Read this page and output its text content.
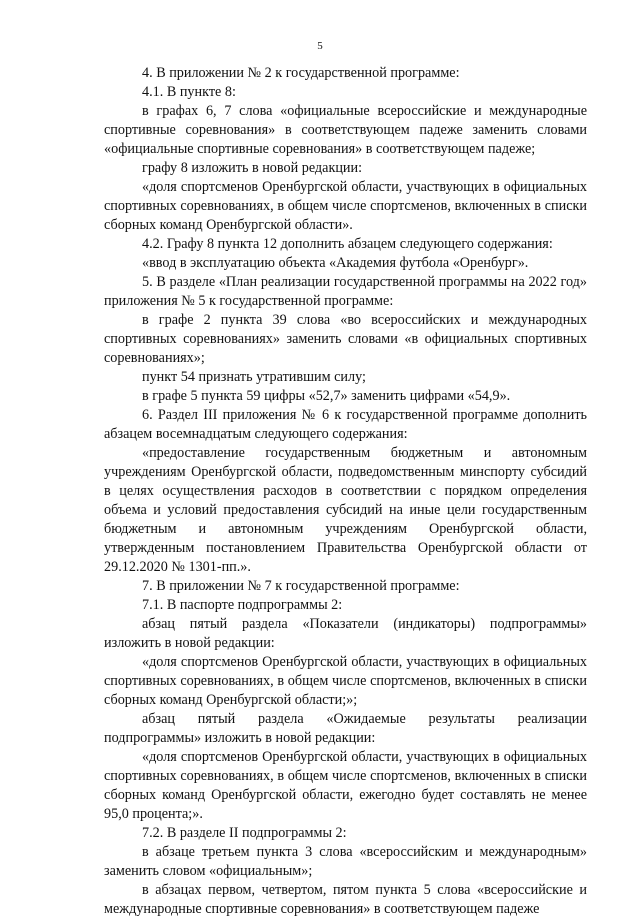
5

4. В приложении № 2 к государственной программе:

4.1. В пункте 8:

в графах 6, 7 слова «официальные всероссийские и международные спортивные соревнования» в соответствующем падеже заменить словами «официальные спортивные соревнования» в соответствующем падеже;

графу 8 изложить в новой редакции:

«доля спортсменов Оренбургской области, участвующих в официальных спортивных соревнованиях, в общем числе спортсменов, включенных в списки сборных команд Оренбургской области».

4.2. Графу 8 пункта 12 дополнить абзацем следующего содержания:

«ввод в эксплуатацию объекта «Академия футбола «Оренбург».

5. В разделе «План реализации государственной программы на 2022 год» приложения № 5 к государственной программе:

в графе 2 пункта 39 слова «во всероссийских и международных спортивных соревнованиях» заменить словами «в официальных спортивных соревнованиях»;

пункт 54 признать утратившим силу;

в графе 5 пункта 59 цифры «52,7» заменить цифрами «54,9».

6. Раздел III приложения № 6 к государственной программе дополнить абзацем восемнадцатым следующего содержания:

«предоставление государственным бюджетным и автономным учреждениям Оренбургской области, подведомственным минспорту субсидий в целях осуществления расходов в соответствии с порядком определения объема и условий предоставления субсидий на иные цели государственным бюджетным и автономным учреждениям Оренбургской области, утвержденным постановлением Правительства Оренбургской области от 29.12.2020 № 1301-пп.».

7. В приложении № 7 к государственной программе:

7.1. В паспорте подпрограммы 2:

абзац пятый раздела «Показатели (индикаторы) подпрограммы» изложить в новой редакции:

«доля спортсменов Оренбургской области, участвующих в официальных спортивных соревнованиях, в общем числе спортсменов, включенных в списки сборных команд Оренбургской области;»;

абзац пятый раздела «Ожидаемые результаты реализации подпрограммы» изложить в новой редакции:

«доля спортсменов Оренбургской области, участвующих в официальных спортивных соревнованиях, в общем числе спортсменов, включенных в списки сборных команд Оренбургской области, ежегодно будет составлять не менее 95,0 процента;».

7.2. В разделе II подпрограммы 2:

в абзаце третьем пункта 3 слова «всероссийским и международным» заменить словом «официальным»;

в абзацах первом, четвертом, пятом пункта 5 слова «всероссийские и международные спортивные соревнования» в соответствующем падеже
